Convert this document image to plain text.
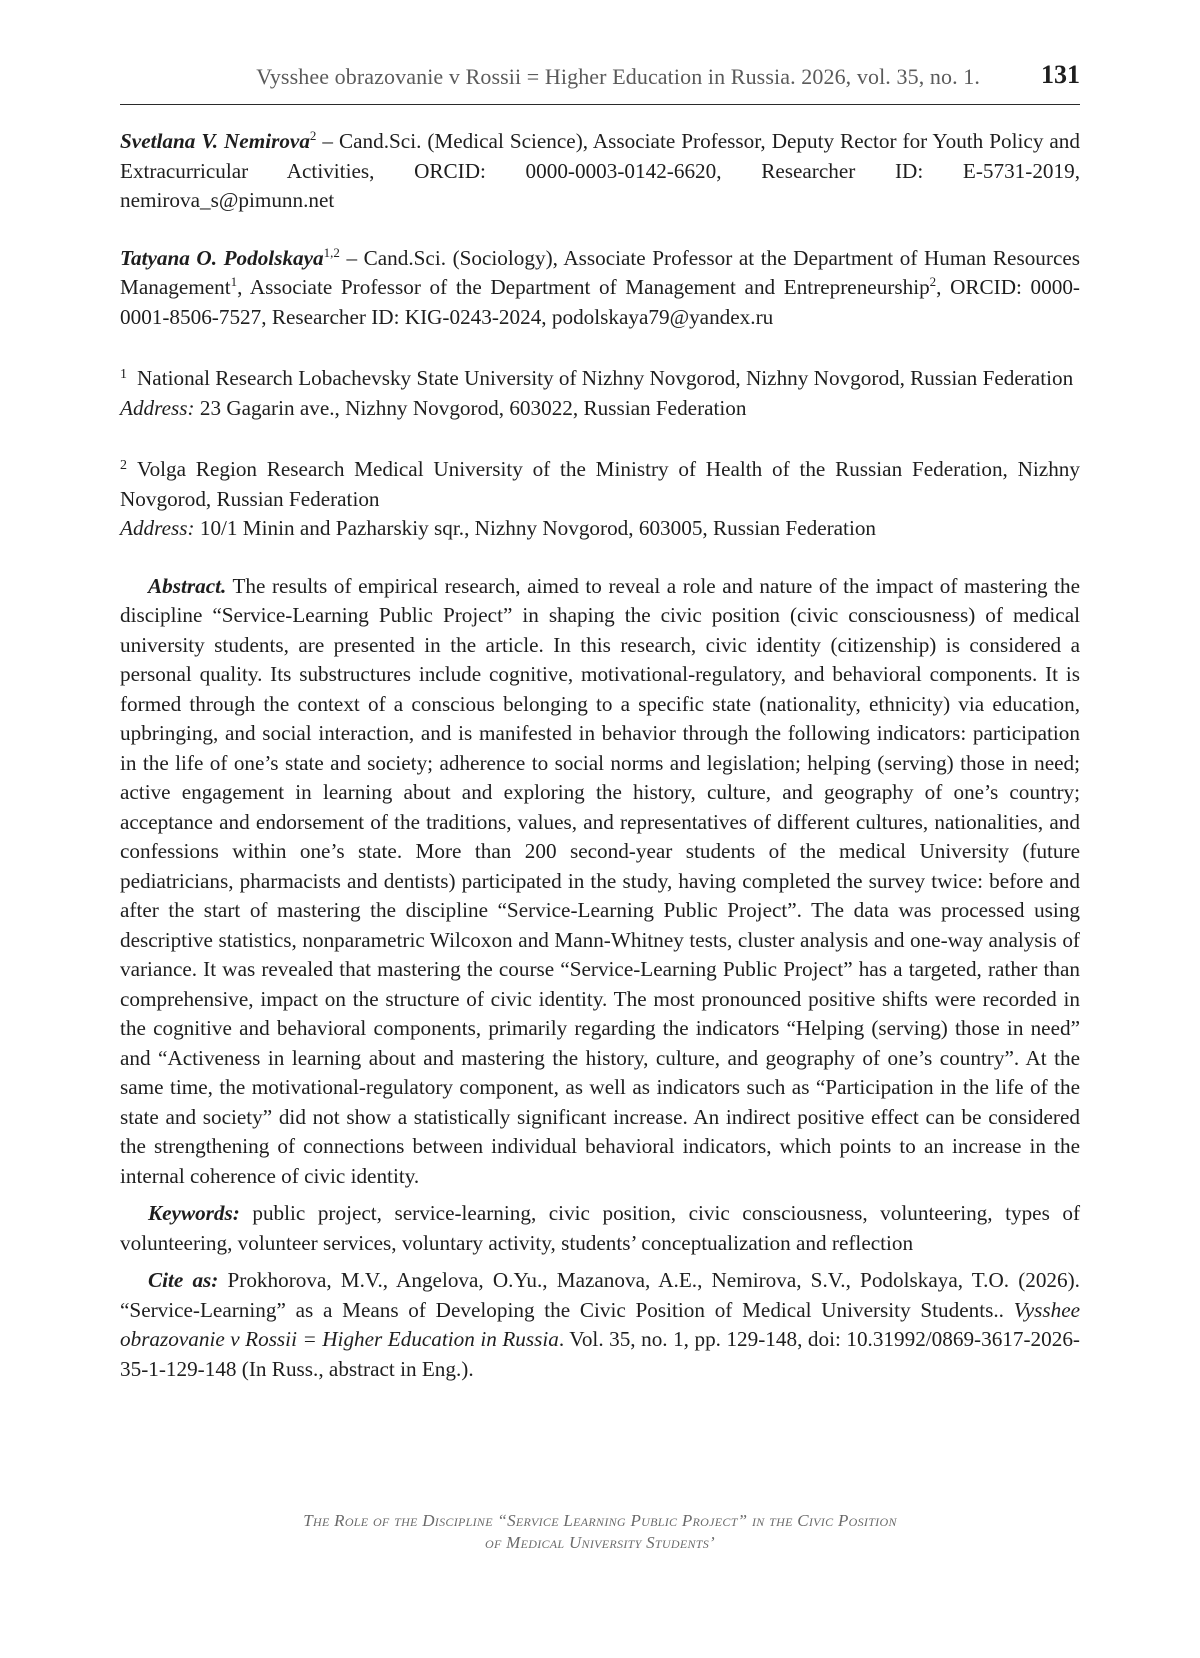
Vysshee obrazovanie v Rossii = Higher Education in Russia. 2026, vol. 35, no. 1. 131
Svetlana V. Nemirova$^2$ – Cand.Sci. (Medical Science), Associate Professor, Deputy Rector for Youth Policy and Extracurricular Activities, ORCID: 0000-0003-0142-6620, Researcher ID: E-5731-2019, nemirova_s@pimunn.net
Tatyana O. Podolskaya$^{1,2}$ – Cand.Sci. (Sociology), Associate Professor at the Department of Human Resources Management$^1$, Associate Professor of the Department of Management and Entrepreneurship$^2$, ORCID: 0000-0001-8506-7527, Researcher ID: KIG-0243-2024, podolskaya79@yandex.ru
$^1$ National Research Lobachevsky State University of Nizhny Novgorod, Nizhny Novgorod, Russian Federation
Address: 23 Gagarin ave., Nizhny Novgorod, 603022, Russian Federation
$^2$ Volga Region Research Medical University of the Ministry of Health of the Russian Federation, Nizhny Novgorod, Russian Federation
Address: 10/1 Minin and Pazharskiy sqr., Nizhny Novgorod, 603005, Russian Federation
Abstract. The results of empirical research, aimed to reveal a role and nature of the impact of mastering the discipline “Service-Learning Public Project” in shaping the civic position (civic consciousness) of medical university students, are presented in the article. In this research, civic identity (citizenship) is considered a personal quality. Its substructures include cognitive, motivational-regulatory, and behavioral components. It is formed through the context of a conscious belonging to a specific state (nationality, ethnicity) via education, upbringing, and social interaction, and is manifested in behavior through the following indicators: participation in the life of one’s state and society; adherence to social norms and legislation; helping (serving) those in need; active engagement in learning about and exploring the history, culture, and geography of one’s country; acceptance and endorsement of the traditions, values, and representatives of different cultures, nationalities, and confessions within one’s state. More than 200 second-year students of the medical University (future pediatricians, pharmacists and dentists) participated in the study, having completed the survey twice: before and after the start of mastering the discipline “Service-Learning Public Project”. The data was processed using descriptive statistics, nonparametric Wilcoxon and Mann-Whitney tests, cluster analysis and one-way analysis of variance. It was revealed that mastering the course “Service-Learning Public Project” has a targeted, rather than comprehensive, impact on the structure of civic identity. The most pronounced positive shifts were recorded in the cognitive and behavioral components, primarily regarding the indicators “Helping (serving) those in need” and “Activeness in learning about and mastering the history, culture, and geography of one’s country”. At the same time, the motivational-regulatory component, as well as indicators such as “Participation in the life of the state and society” did not show a statistically significant increase. An indirect positive effect can be considered the strengthening of connections between individual behavioral indicators, which points to an increase in the internal coherence of civic identity.
Keywords: public project, service-learning, civic position, civic consciousness, volunteering, types of volunteering, volunteer services, voluntary activity, students’ conceptualization and reflection
Cite as: Prokhorova, M.V., Angelova, O.Yu., Mazanova, A.E., Nemirova, S.V., Podolskaya, T.O. (2026). “Service-Learning” as a Means of Developing the Civic Position of Medical University Students.. Vysshee obrazovanie v Rossii = Higher Education in Russia. Vol. 35, no. 1, pp. 129-148, doi: 10.31992/0869-3617-2026-35-1-129-148 (In Russ., abstract in Eng.).
The Role of the Discipline “Service Learning Public Project” in the Civic Position
of Medical University Students’
